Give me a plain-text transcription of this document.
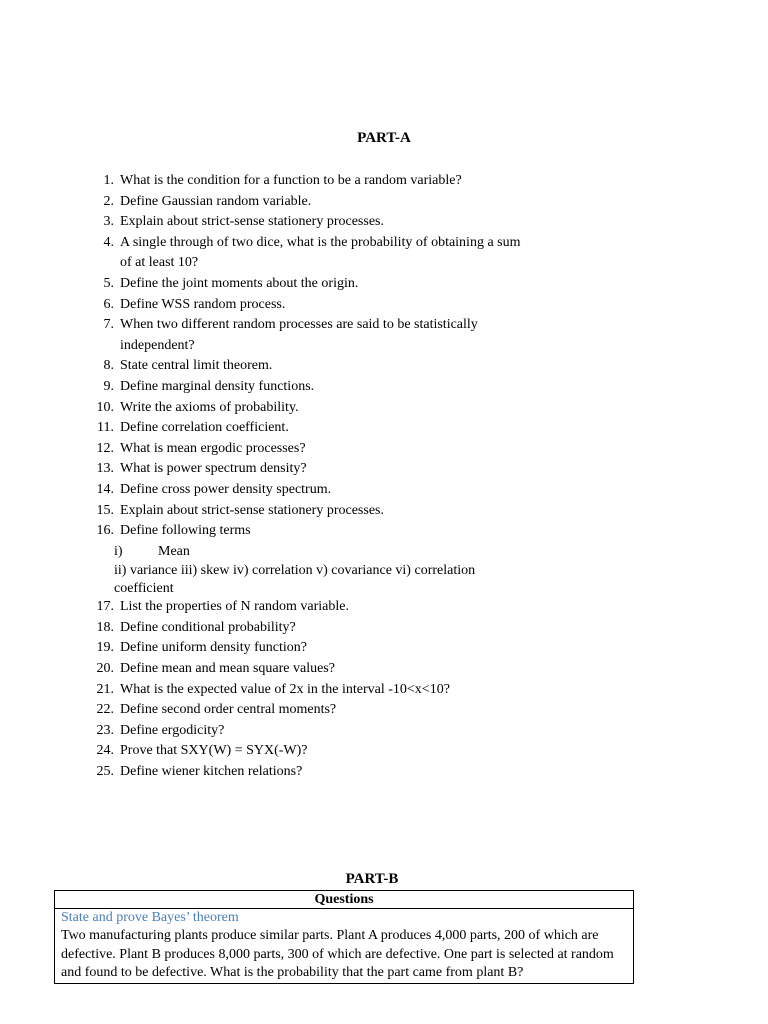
PART-A
1. What is the condition for a function to be a random variable?
2. Define Gaussian random variable.
3. Explain about strict-sense stationery processes.
4. A single through of two dice, what is the probability of obtaining a sum of at least 10?
5. Define the joint moments about the origin.
6. Define WSS random process.
7. When two different random processes are said to be statistically independent?
8. State central limit theorem.
9. Define marginal density functions.
10. Write the axioms of probability.
11. Define correlation coefficient.
12. What is mean ergodic processes?
13. What is power spectrum density?
14. Define cross power density spectrum.
15. Explain about strict-sense stationery processes.
16. Define following terms
i)	Mean
ii) variance iii) skew iv) correlation v) covariance vi) correlation coefficient
17. List the properties of N random variable.
18. Define conditional probability?
19. Define uniform density function?
20. Define mean and mean square values?
21. What is the expected value of 2x in the interval -10<x<10?
22. Define second order central moments?
23. Define ergodicity?
24. Prove that SXY(W) = SYX(-W)?
25. Define wiener kitchen relations?
PART-B
Questions

State and prove Bayes’ theorem
Two manufacturing plants produce similar parts. Plant A produces 4,000 parts, 200 of which are defective. Plant B produces 8,000 parts, 300 of which are defective. One part is selected at random and found to be defective. What is the probability that the part came from plant B?
